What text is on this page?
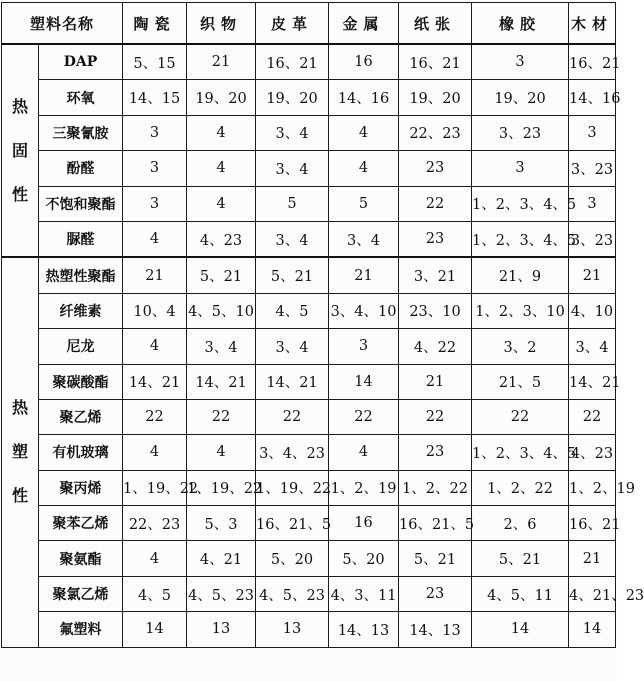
塑料名称		陶瓷	织物	皮革	金属	纸张	橡胶	木材

热
固
性	DAP	5、15	21	16、21	16	16、21	3	16、21
	环氧	14、15	19、20	19、20	14、16	19、20	19、20	14、16
	三聚氰胺	3	4	3、4	4	22、23	3、23	3
	酚醛	3	4	3、4	4	23	3	3、23
	不饱和聚酯	3	4	5	5	22	1、2、3、4、5	3
	脲醛	4	4、23	3、4	3、4	23	1、2、3、4、5	3、23

热
塑
性	热塑性聚酯	21	5、21	5、21	21	3、21	21、9	21
	纤维素	10、4	4、5、10	4、5	3、4、10	23、10	1、2、3、10	4、10
	尼龙	4	3、4	3、4	3	4、22	3、2	3、4
	聚碳酸酯	14、21	14、21	14、21	14	21	21、5	14、21
	聚乙烯	22	22	22	22	22	22	22
	有机玻璃	4	4	3、4、23	4	23	1、2、3、4、5	4、23
	聚丙烯	1、19、22	1、19、22	1、19、22	1、2、19	1、2、22	1、2、22	1、2、19
	聚苯乙烯	22、23	5、3	16、21、5	16	16、21、5	2、6	16、21
	聚氨酯	4	4、21	5、20	5、20	5、21	5、21	21
	聚氯乙烯	4、5	4、5、23	4、5、23	4、3、11	23	4、5、11	4、21、23
	氟塑料	14	13	13	14、13	14、13	14	14
